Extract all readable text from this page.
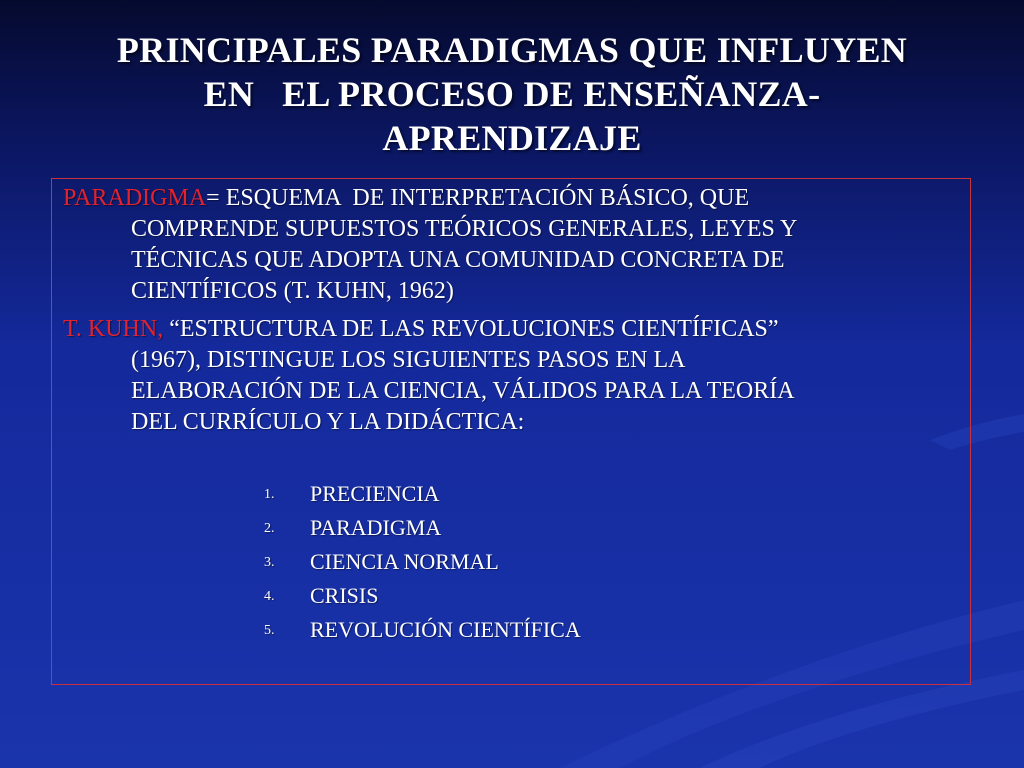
PRINCIPALES PARADIGMAS QUE INFLUYEN
EN   EL PROCESO DE ENSEÑANZA-
APRENDIZAJE

PARADIGMA= ESQUEMA  DE INTERPRETACIÓN BÁSICO, QUE
COMPRENDE SUPUESTOS TEÓRICOS GENERALES, LEYES Y
TÉCNICAS QUE ADOPTA UNA COMUNIDAD CONCRETA DE
CIENTÍFICOS (T. KUHN, 1962)

T. KUHN, “ESTRUCTURA DE LAS REVOLUCIONES CIENTÍFICAS”
(1967), DISTINGUE LOS SIGUIENTES PASOS EN LA
ELABORACIÓN DE LA CIENCIA, VÁLIDOS PARA LA TEORÍA
DEL CURRÍCULO Y LA DIDÁCTICA:

1.	PRECIENCIA
2.	PARADIGMA
3.	CIENCIA NORMAL
4.	CRISIS
5.	REVOLUCIÓN CIENTÍFICA
